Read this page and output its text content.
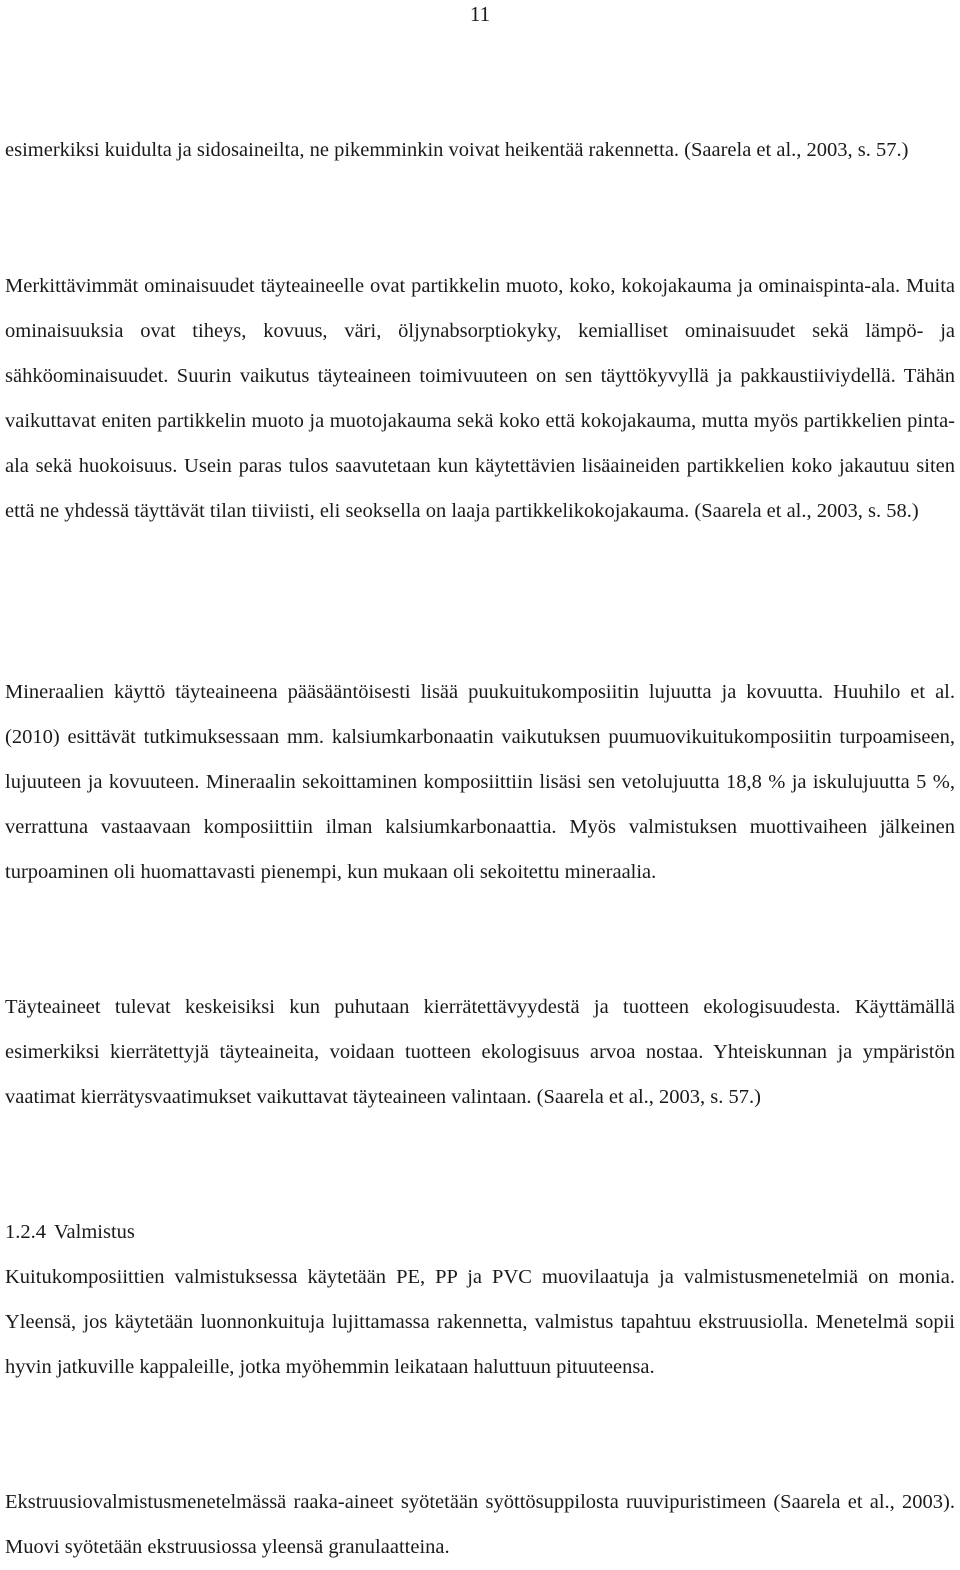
11

esimerkiksi kuidulta ja sidosaineilta, ne pikemminkin voivat heikentää rakennetta. (Saarela et al., 2003, s. 57.)

Merkittävimmät ominaisuudet täyteaineelle ovat partikkelin muoto, koko, kokojakauma ja ominaispinta-ala. Muita ominaisuuksia ovat tiheys, kovuus, väri, öljynabsorptiokyky, kemialliset ominaisuudet sekä lämpö- ja sähköominaisuudet. Suurin vaikutus täyteaineen toimivuuteen on sen täyttökyvyllä ja pakkaustiiviydellä. Tähän vaikuttavat eniten partikkelin muoto ja muotojakauma sekä koko että kokojakauma, mutta myös partikkelien pinta-ala sekä huokoisuus. Usein paras tulos saavutetaan kun käytettävien lisäaineiden partikkelien koko jakautuu siten että ne yhdessä täyttävät tilan tiiviisti, eli seoksella on laaja partikkelikokojakauma. (Saarela et al., 2003, s. 58.)

Mineraalien käyttö täyteaineena pääsääntöisesti lisää puukuitukomposiitin lujuutta ja kovuutta. Huuhilo et al. (2010) esittävät tutkimuksessaan mm. kalsiumkarbonaatin vaikutuksen puumuovikuitukomposiitin turpoamiseen, lujuuteen ja kovuuteen. Mineraalin sekoittaminen komposiittiin lisäsi sen vetolujuutta 18,8 % ja iskulujuutta 5 %, verrattuna vastaavaan komposiittiin ilman kalsiumkarbonaattia. Myös valmistuksen muottivaiheen jälkeinen turpoaminen oli huomattavasti pienempi, kun mukaan oli sekoitettu mineraalia.

Täyteaineet tulevat keskeisiksi kun puhutaan kierrätettävyydestä ja tuotteen ekologisuudesta. Käyttämällä esimerkiksi kierrätettyjä täyteaineita, voidaan tuotteen ekologisuus arvoa nostaa. Yhteiskunnan ja ympäristön vaatimat kierrätysvaatimukset vaikuttavat täyteaineen valintaan. (Saarela et al., 2003, s. 57.)

1.2.4 Valmistus

Kuitukomposiittien valmistuksessa käytetään PE, PP ja PVC muovilaatuja ja valmistusmenetelmiä on monia. Yleensä, jos käytetään luonnonkuituja lujittamassa rakennetta, valmistus tapahtuu ekstruusiolla. Menetelmä sopii hyvin jatkuville kappaleille, jotka myöhemmin leikataan haluttuun pituuteensa.

Ekstruusiovalmistusmenetelmässä raaka-aineet syötetään syöttösuppilosta ruuvipuristimeen (Saarela et al., 2003). Muovi syötetään ekstruusiossa yleensä granulaatteina.
